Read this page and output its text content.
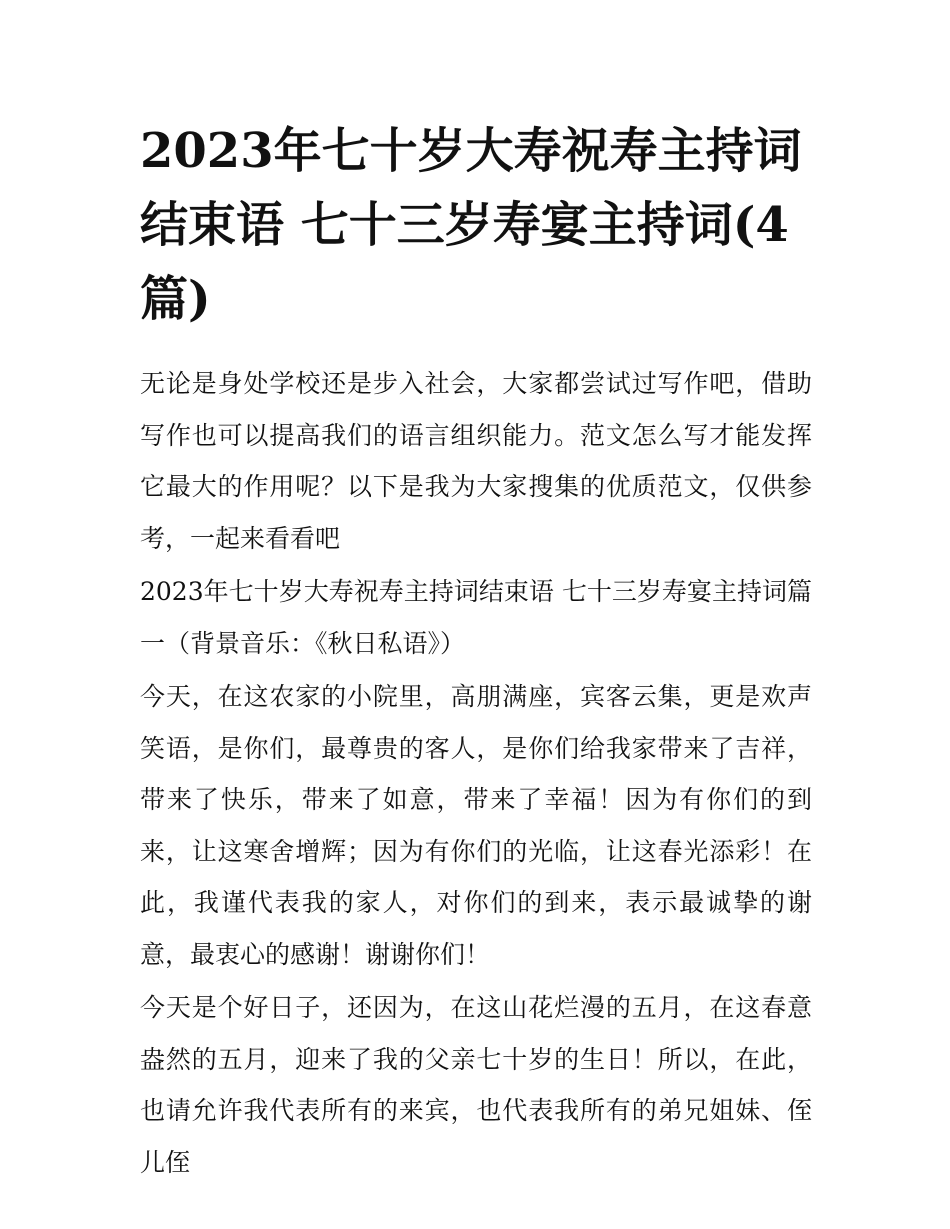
2023年七十岁大寿祝寿主持词结束语 七十三岁寿宴主持词(4篇)

无论是身处学校还是步入社会，大家都尝试过写作吧，借助写作也可以提高我们的语言组织能力。范文怎么写才能发挥它最大的作用呢？以下是我为大家搜集的优质范文，仅供参考，一起来看看吧

2023年七十岁大寿祝寿主持词结束语 七十三岁寿宴主持词篇一（背景音乐：《秋日私语》）

今天，在这农家的小院里，高朋满座，宾客云集，更是欢声笑语，是你们，最尊贵的客人，是你们给我家带来了吉祥，带来了快乐，带来了如意，带来了幸福！因为有你们的到来，让这寒舍增辉；因为有你们的光临，让这春光添彩！在此，我谨代表我的家人，对你们的到来，表示最诚挚的谢意，最衷心的感谢！谢谢你们！

今天是个好日子，还因为，在这山花烂漫的五月，在这春意盎然的五月，迎来了我的父亲七十岁的生日！所以，在此，也请允许我代表所有的来宾，也代表我所有的弟兄姐妹、侄儿侄
